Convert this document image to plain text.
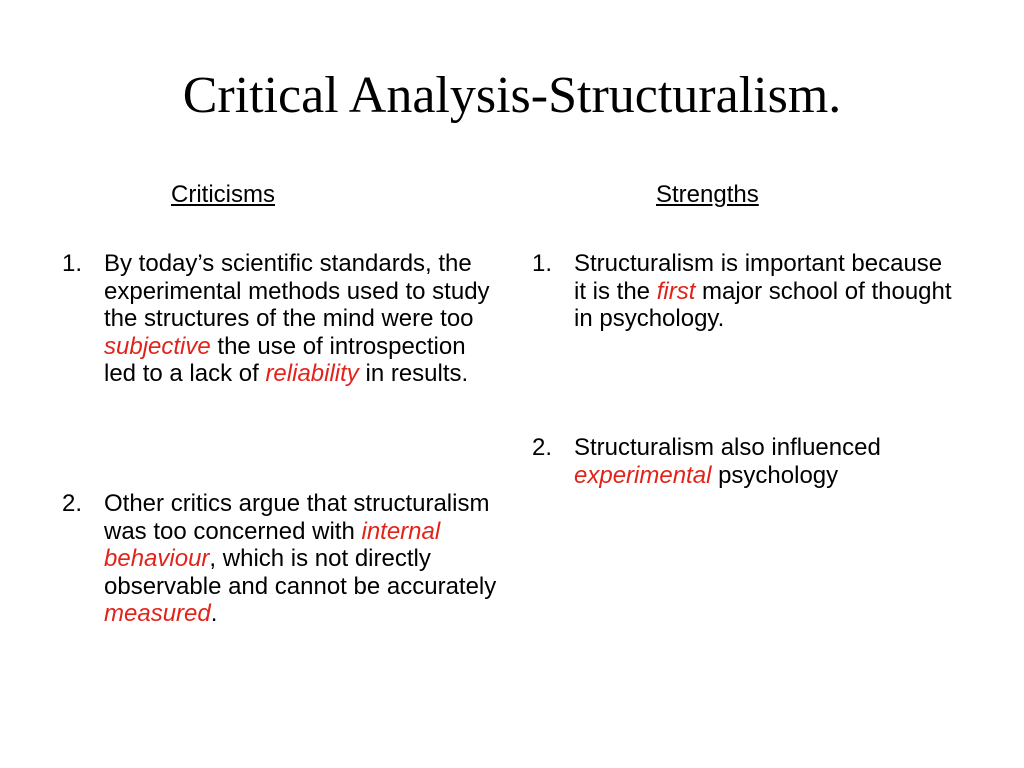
Critical Analysis-Structuralism.
Criticisms	Strengths
1. By today’s scientific standards, the experimental methods used to study the structures of the mind were too subjective the use of introspection led to a lack of reliability in results.
2. Other critics argue that structuralism was too concerned with internal behaviour, which is not directly observable and cannot be accurately measured.
1. Structuralism is important because it is the first major school of thought in psychology.
2. Structuralism also influenced experimental psychology
